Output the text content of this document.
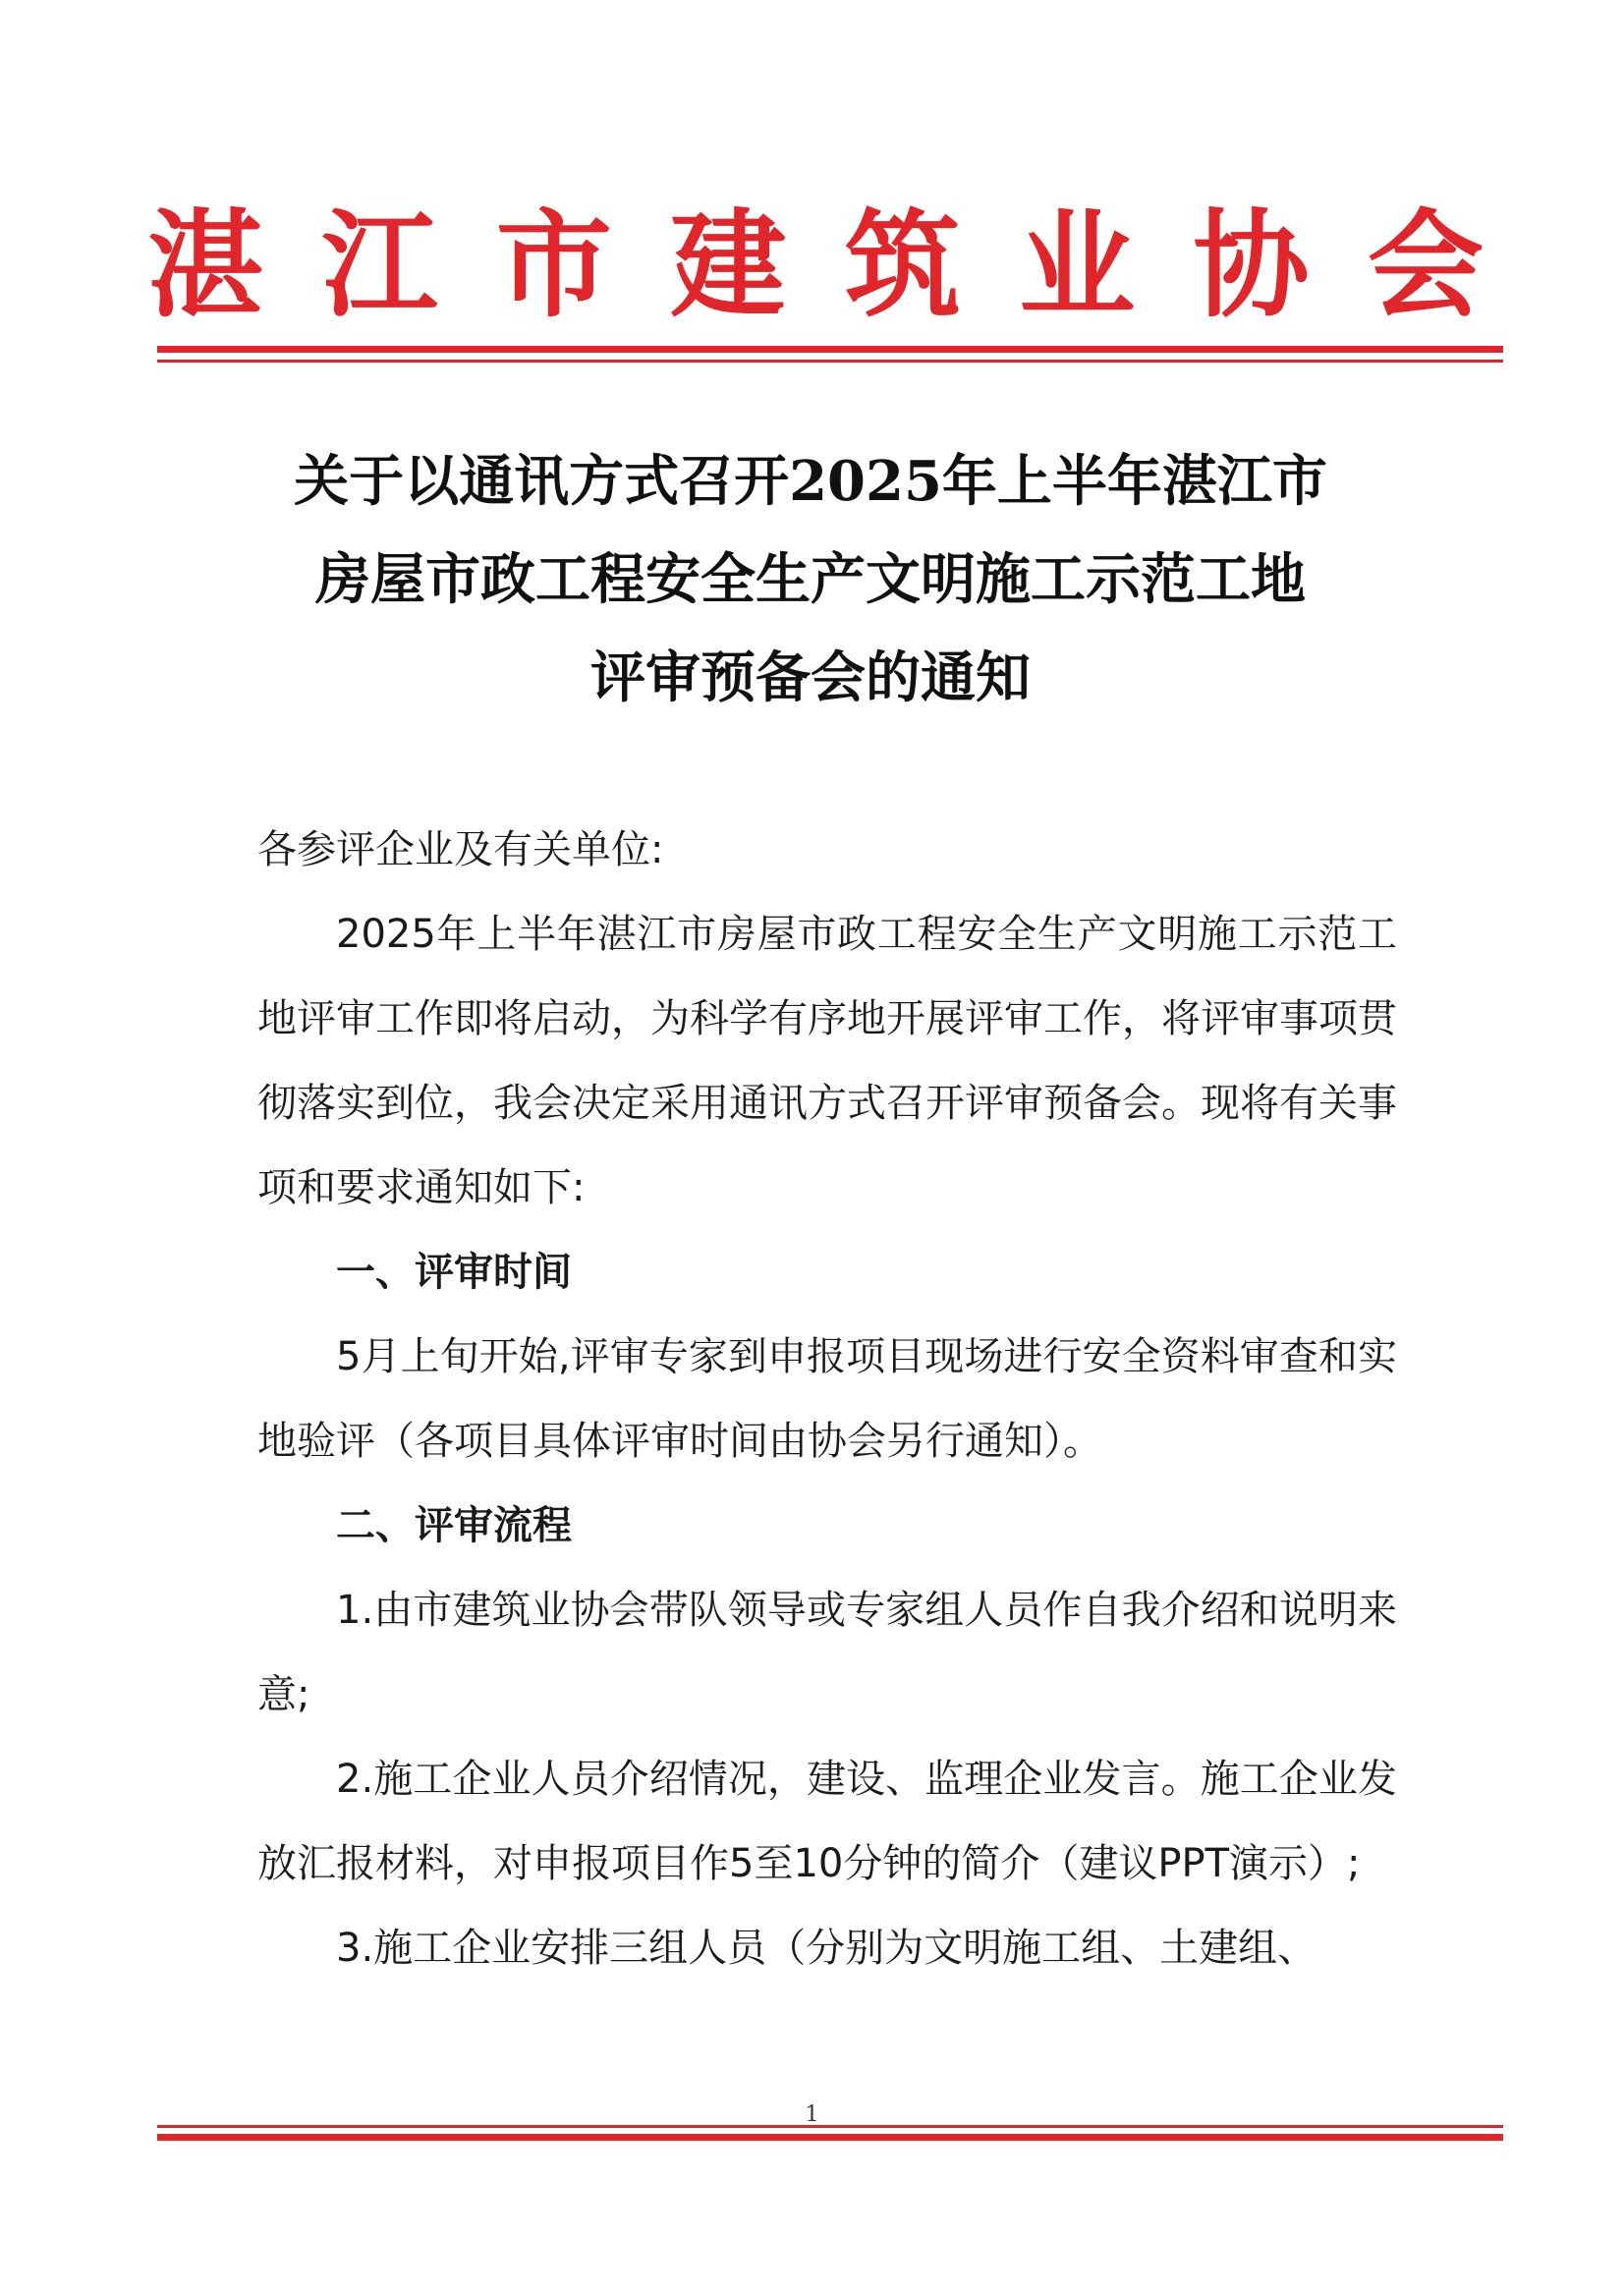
湛 江 市 建 筑 业 协 会
关于以通讯方式召开2025年上半年湛江市
房屋市政工程安全生产文明施工示范工地
评审预备会的通知

各参评企业及有关单位:

2025年上半年湛江市房屋市政工程安全生产文明施工示范工地评审工作即将启动，为科学有序地开展评审工作，将评审事项贯彻落实到位，我会决定采用通讯方式召开评审预备会。现将有关事项和要求通知如下:

一、评审时间

5月上旬开始,评审专家到申报项目现场进行安全资料审查和实地验评（各项目具体评审时间由协会另行通知）。

二、评审流程

1.由市建筑业协会带队领导或专家组人员作自我介绍和说明来意;

2.施工企业人员介绍情况，建设、监理企业发言。施工企业发放汇报材料，对申报项目作5至10分钟的简介（建议PPT演示）;

3.施工企业安排三组人员（分别为文明施工组、土建组、

1
